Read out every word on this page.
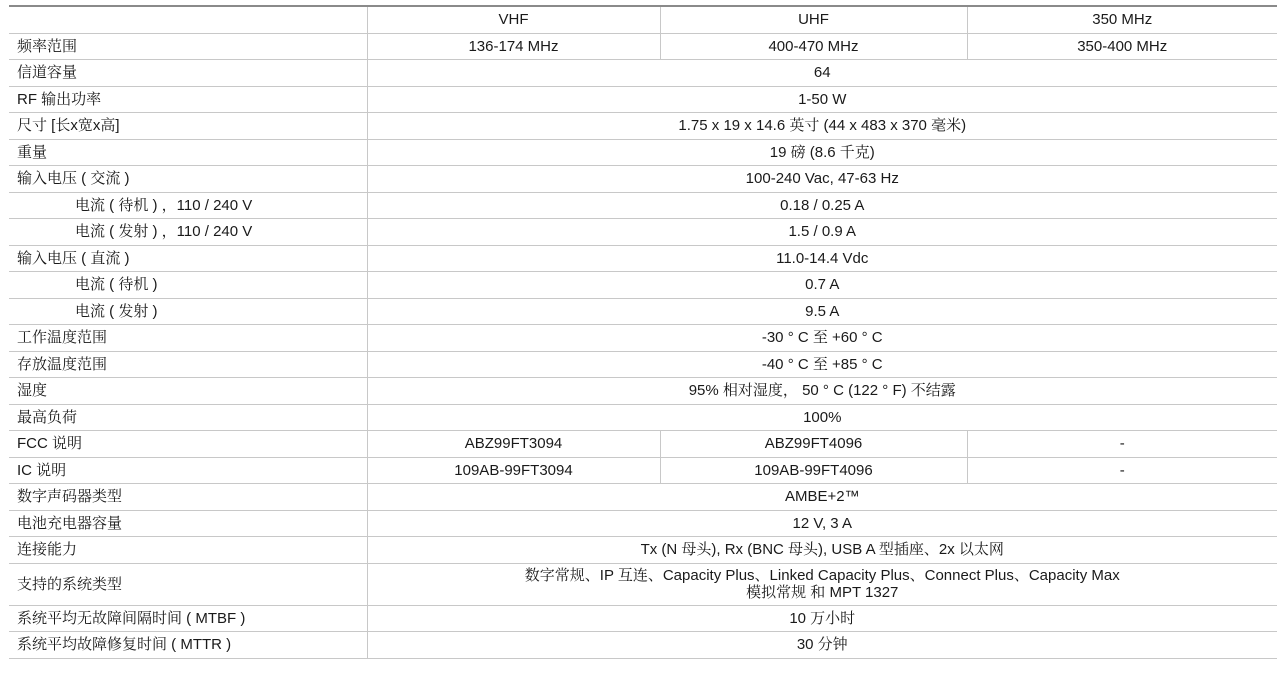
	VHF	UHF	350 MHz
频率范围	136-174 MHz	400-470 MHz	350-400 MHz
信道容量	64		
RF 输出功率	1-50 W		
尺寸 [长x宽x高]	1.75 x 19 x 14.6 英寸 (44 x 483 x 370 毫米)		
重量	19 磅 (8.6 千克)		
输入电压 ( 交流 )	100-240 Vac, 47-63 Hz		
电流 ( 待机 ) ，110 / 240 V	0.18 / 0.25 A		
电流 ( 发射 ) ，110 / 240 V	1.5 / 0.9 A		
输入电压 ( 直流 )	11.0-14.4 Vdc		
电流 ( 待机 )	0.7 A		
电流 ( 发射 )	9.5 A		
工作温度范围	-30 ° C 至 +60 ° C		
存放温度范围	-40 ° C 至 +85 ° C		
湿度	95% 相对湿度， 50 ° C (122 ° F) 不结露		
最高负荷	100%		
FCC 说明	ABZ99FT3094	ABZ99FT4096	-
IC 说明	109AB-99FT3094	109AB-99FT4096	-
数字声码器类型	AMBE+2™		
电池充电器容量	12 V, 3 A		
连接能力	Tx (N 母头), Rx (BNC 母头), USB A 型插座、2x 以太网		
支持的系统类型	数字常规、IP 互连、Capacity Plus、Linked Capacity Plus、Connect Plus、Capacity Max
模拟常规 和 MPT 1327		

系统平均无故障间隔时间 ( MTBF )	10 万小时		
系统平均故障修复时间 ( MTTR )	30 分钟		
